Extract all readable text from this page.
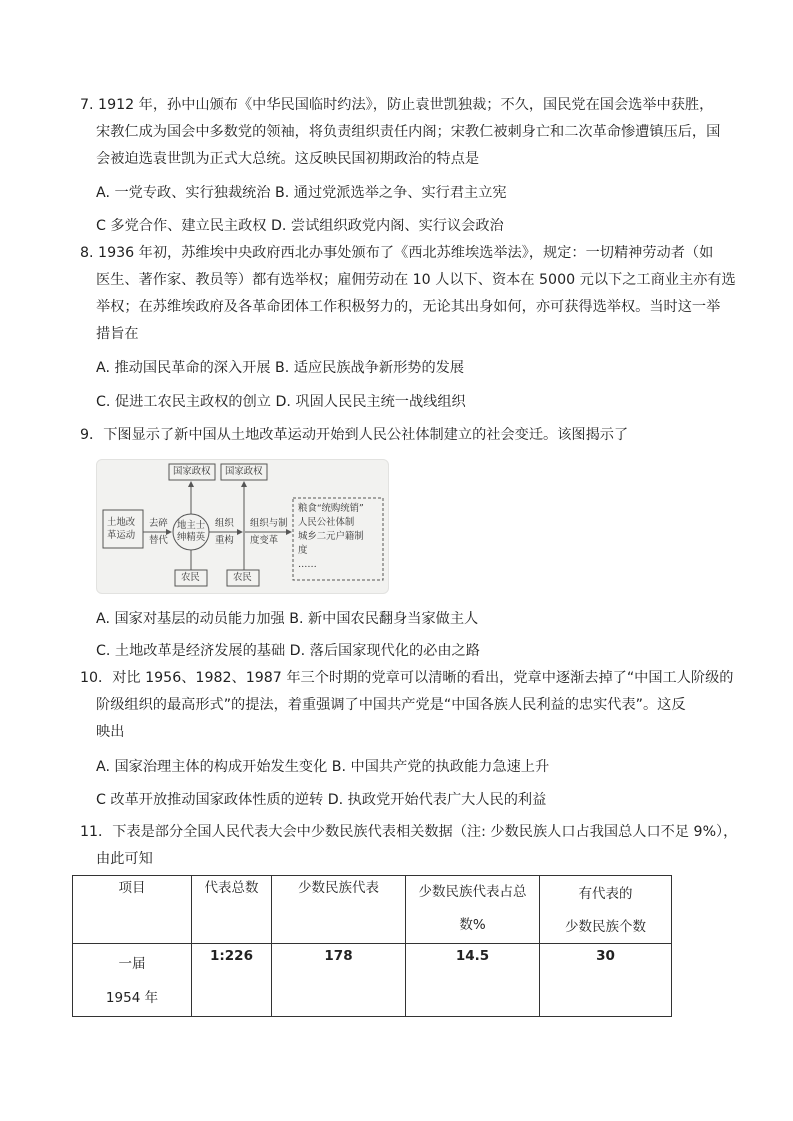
7. 1912 年，孙中山颁布《中华民国临时约法》，防止袁世凯独裁；不久，国民党在国会选举中获胜，
宋教仁成为国会中多数党的领袖，将负责组织责任内阁；宋教仁被刺身亡和二次革命惨遭镇压后，国
会被迫选袁世凯为正式大总统。这反映民国初期政治的特点是
A. 一党专政、实行独裁统治 B. 通过党派选举之争、实行君主立宪
C 多党合作、建立民主政权 D. 尝试组织政党内阁、实行议会政治
8. 1936 年初，苏维埃中央政府西北办事处颁布了《西北苏维埃选举法》，规定：一切精神劳动者（如
医生、著作家、教员等）都有选举权；雇佣劳动在 10 人以下、资本在 5000 元以下之工商业主亦有选
举权；在苏维埃政府及各革命团体工作积极努力的，无论其出身如何，亦可获得选举权。当时这一举
措旨在
A. 推动国民革命的深入开展 B. 适应民族战争新形势的发展
C. 促进工农民主政权的创立 D. 巩固人民民主统一战线组织
9．下图显示了新中国从土地改革运动开始到人民公社体制建立的社会变迁。该图揭示了
土地改
革运动
地主士
绅精英
国家政权 国家政权
农民	农民
去碎
替代
组织
重构
组织与制
度变革
粮食“统购统销”
人民公社体制
城乡二元户籍制
度
……
A. 国家对基层的动员能力加强 B. 新中国农民翻身当家做主人
C. 土地改革是经济发展的基础 D. 落后国家现代化的必由之路
10．对比 1956、1982、1987 年三个时期的党章可以清晰的看出，党章中逐渐去掉了“中国工人阶级的
阶级组织的最高形式”的提法，着重强调了中国共产党是“中国各族人民利益的忠实代表”。这反
映出
A. 国家治理主体的构成开始发生变化 B. 中国共产党的执政能力急速上升
C 改革开放推动国家政体性质的逆转 D. 执政党开始代表广大人民的利益
11．下表是部分全国人民代表大会中少数民族代表相关数据（注: 少数民族人口占我国总人口不足 9%），
由此可知
项目	代表总数	少数民族代表	少数民族代表占总
数%	有代表的
少数民族个数

一届
1954 年	1:226	178	14.5	30
